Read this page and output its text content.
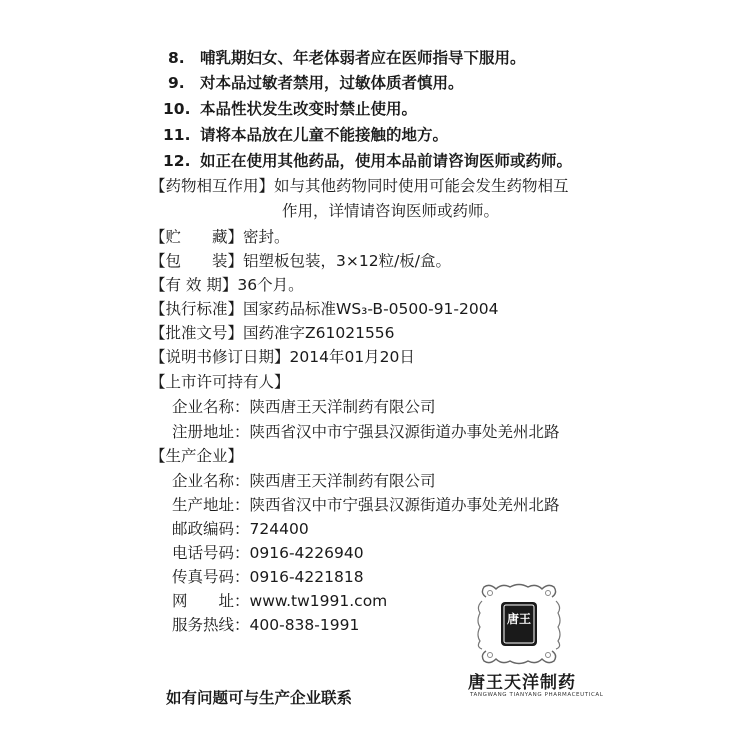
8. 哺乳期妇女、年老体弱者应在医师指导下服用。
9. 对本品过敏者禁用，过敏体质者慎用。
10. 本品性状发生改变时禁止使用。
11. 请将本品放在儿童不能接触的地方。
12. 如正在使用其他药品，使用本品前请咨询医师或药师。
【药物相互作用】如与其他药物同时使用可能会发生药物相互
作用，详情请咨询医师或药师。
【贮　　藏】密封。
【包　　装】铝塑板包装，3×12粒/板/盒。
【有 效 期】36个月。
【执行标准】国家药品标准WS₃-B-0500-91-2004
【批准文号】国药准字Z61021556
【说明书修订日期】2014年01月20日
【上市许可持有人】
企业名称：陕西唐王天洋制药有限公司
注册地址：陕西省汉中市宁强县汉源街道办事处羌州北路
【生产企业】
企业名称：陕西唐王天洋制药有限公司
生产地址：陕西省汉中市宁强县汉源街道办事处羌州北路
邮政编码：724400
电话号码：0916-4226940
传真号码：0916-4221818
网　　址：www.tw1991.com
服务热线：400-838-1991
如有问题可与生产企业联系
唐王
唐王天洋制药
TANGWANG TIANYANG PHARMACEUTICAL
